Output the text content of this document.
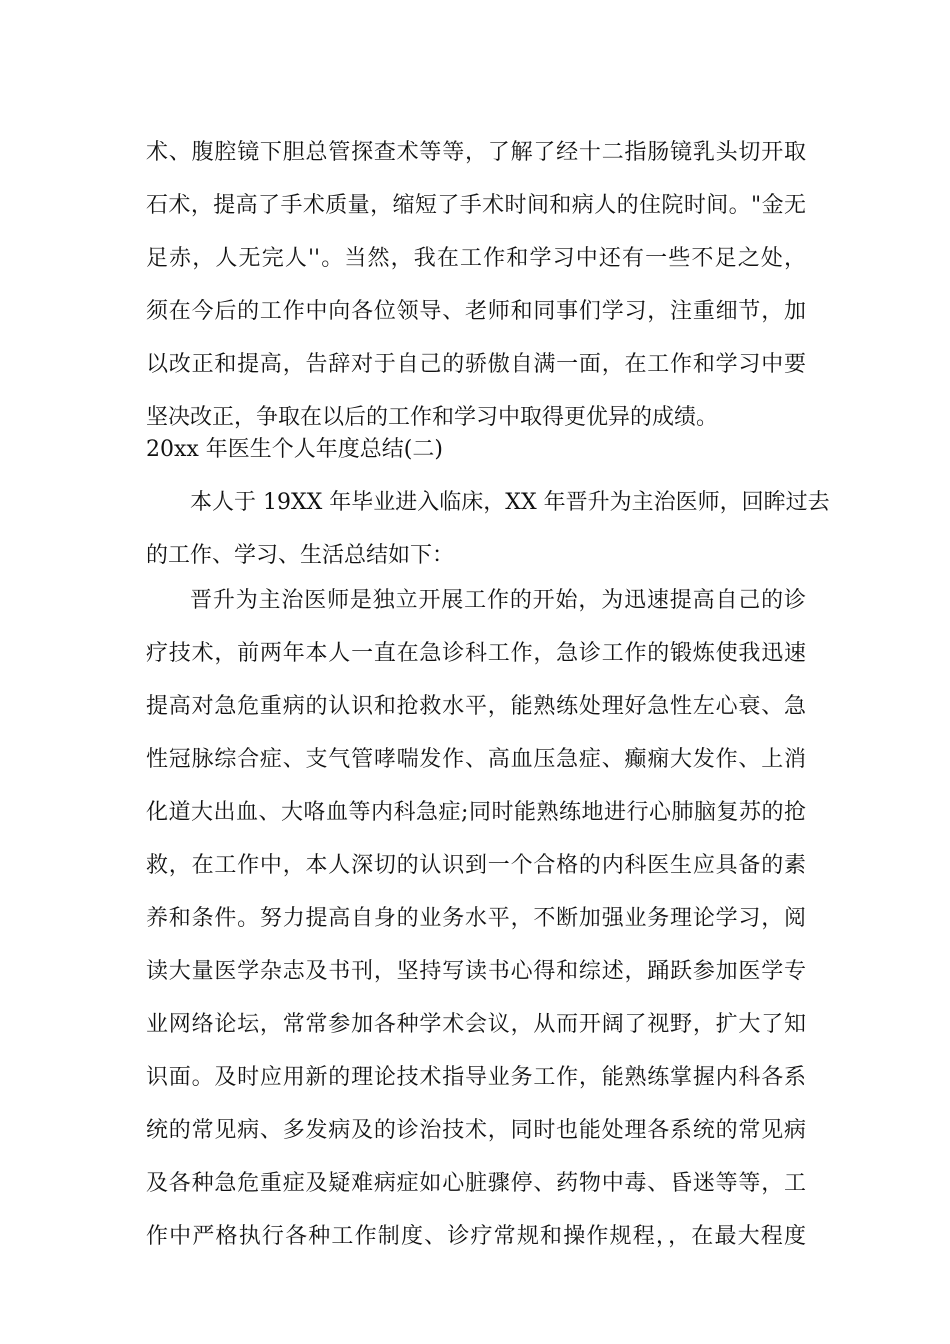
术、腹腔镜下胆总管探查术等等，了解了经十二指肠镜乳头切开取
石术，提高了手术质量，缩短了手术时间和病人的住院时间。"金无
足赤，人无完人''。当然，我在工作和学习中还有一些不足之处，
须在今后的工作中向各位领导、老师和同事们学习，注重细节，加
以改正和提高，告辞对于自己的骄傲自满一面，在工作和学习中要
坚决改正，争取在以后的工作和学习中取得更优异的成绩。
20xx 年医生个人年度总结(二)
本人于 19XX 年毕业进入临床，XX 年晋升为主治医师，回眸过去
的工作、学习、生活总结如下：
晋升为主治医师是独立开展工作的开始，为迅速提高自己的诊
疗技术，前两年本人一直在急诊科工作，急诊工作的锻炼使我迅速
提高对急危重病的认识和抢救水平，能熟练处理好急性左心衰、急
性冠脉综合症、支气管哮喘发作、高血压急症、癫痫大发作、上消
化道大出血、大咯血等内科急症;同时能熟练地进行心肺脑复苏的抢
救，在工作中，本人深切的认识到一个合格的内科医生应具备的素
养和条件。努力提高自身的业务水平，不断加强业务理论学习，阅
读大量医学杂志及书刊，坚持写读书心得和综述，踊跃参加医学专
业网络论坛，常常参加各种学术会议，从而开阔了视野，扩大了知
识面。及时应用新的理论技术指导业务工作，能熟练掌握内科各系
统的常见病、多发病及的诊治技术，同时也能处理各系统的常见病
及各种急危重症及疑难病症如心脏骤停、药物中毒、昏迷等等，工
作中严格执行各种工作制度、诊疗常规和操作规程，，在最大程度
